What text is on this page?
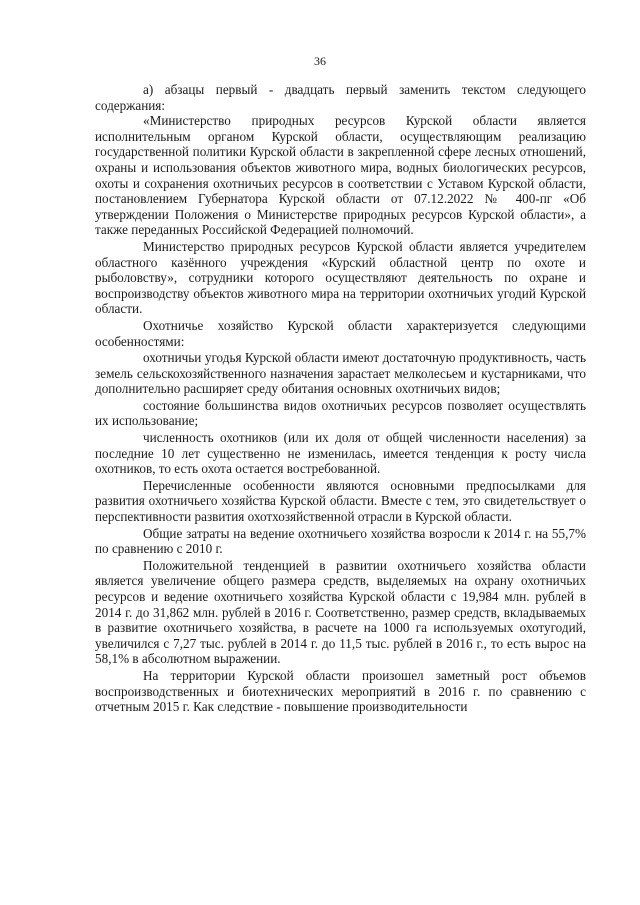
36

а) абзацы первый - двадцать первый заменить текстом следующего содержания:

«Министерство природных ресурсов Курской области является исполнительным органом Курской области, осуществляющим реализацию государственной политики Курской области в закрепленной сфере лесных отношений, охраны и использования объектов животного мира, водных биологических ресурсов, охоты и сохранения охотничьих ресурсов в соответствии с Уставом Курской области, постановлением Губернатора Курской области от 07.12.2022 № 400-пг «Об утверждении Положения о Министерстве природных ресурсов Курской области», а также переданных Российской Федерацией полномочий.

Министерство природных ресурсов Курской области является учредителем областного казённого учреждения «Курский областной центр по охоте и рыболовству», сотрудники которого осуществляют деятельность по охране и воспроизводству объектов животного мира на территории охотничьих угодий Курской области.

Охотничье хозяйство Курской области характеризуется следующими особенностями:

охотничьи угодья Курской области имеют достаточную продуктивность, часть земель сельскохозяйственного назначения зарастает мелколесьем и кустарниками, что дополнительно расширяет среду обитания основных охотничьих видов;

состояние большинства видов охотничьих ресурсов позволяет осуществлять их использование;

численность охотников (или их доля от общей численности населения) за последние 10 лет существенно не изменилась, имеется тенденция к росту числа охотников, то есть охота остается востребованной.

Перечисленные особенности являются основными предпосылками для развития охотничьего хозяйства Курской области. Вместе с тем, это свидетельствует о перспективности развития охотхозяйственной отрасли в Курской области.

Общие затраты на ведение охотничьего хозяйства возросли к 2014 г. на 55,7% по сравнению с 2010 г.

Положительной тенденцией в развитии охотничьего хозяйства области является увеличение общего размера средств, выделяемых на охрану охотничьих ресурсов и ведение охотничьего хозяйства Курской области с 19,984 млн. рублей в 2014 г. до 31,862 млн. рублей в 2016 г. Соответственно, размер средств, вкладываемых в развитие охотничьего хозяйства, в расчете на 1000 га используемых охотугодий, увеличился с 7,27 тыс. рублей в 2014 г. до 11,5 тыс. рублей в 2016 г., то есть вырос на 58,1% в абсолютном выражении.

На территории Курской области произошел заметный рост объемов воспроизводственных и биотехнических мероприятий в 2016 г. по сравнению с отчетным 2015 г. Как следствие - повышение производительности
